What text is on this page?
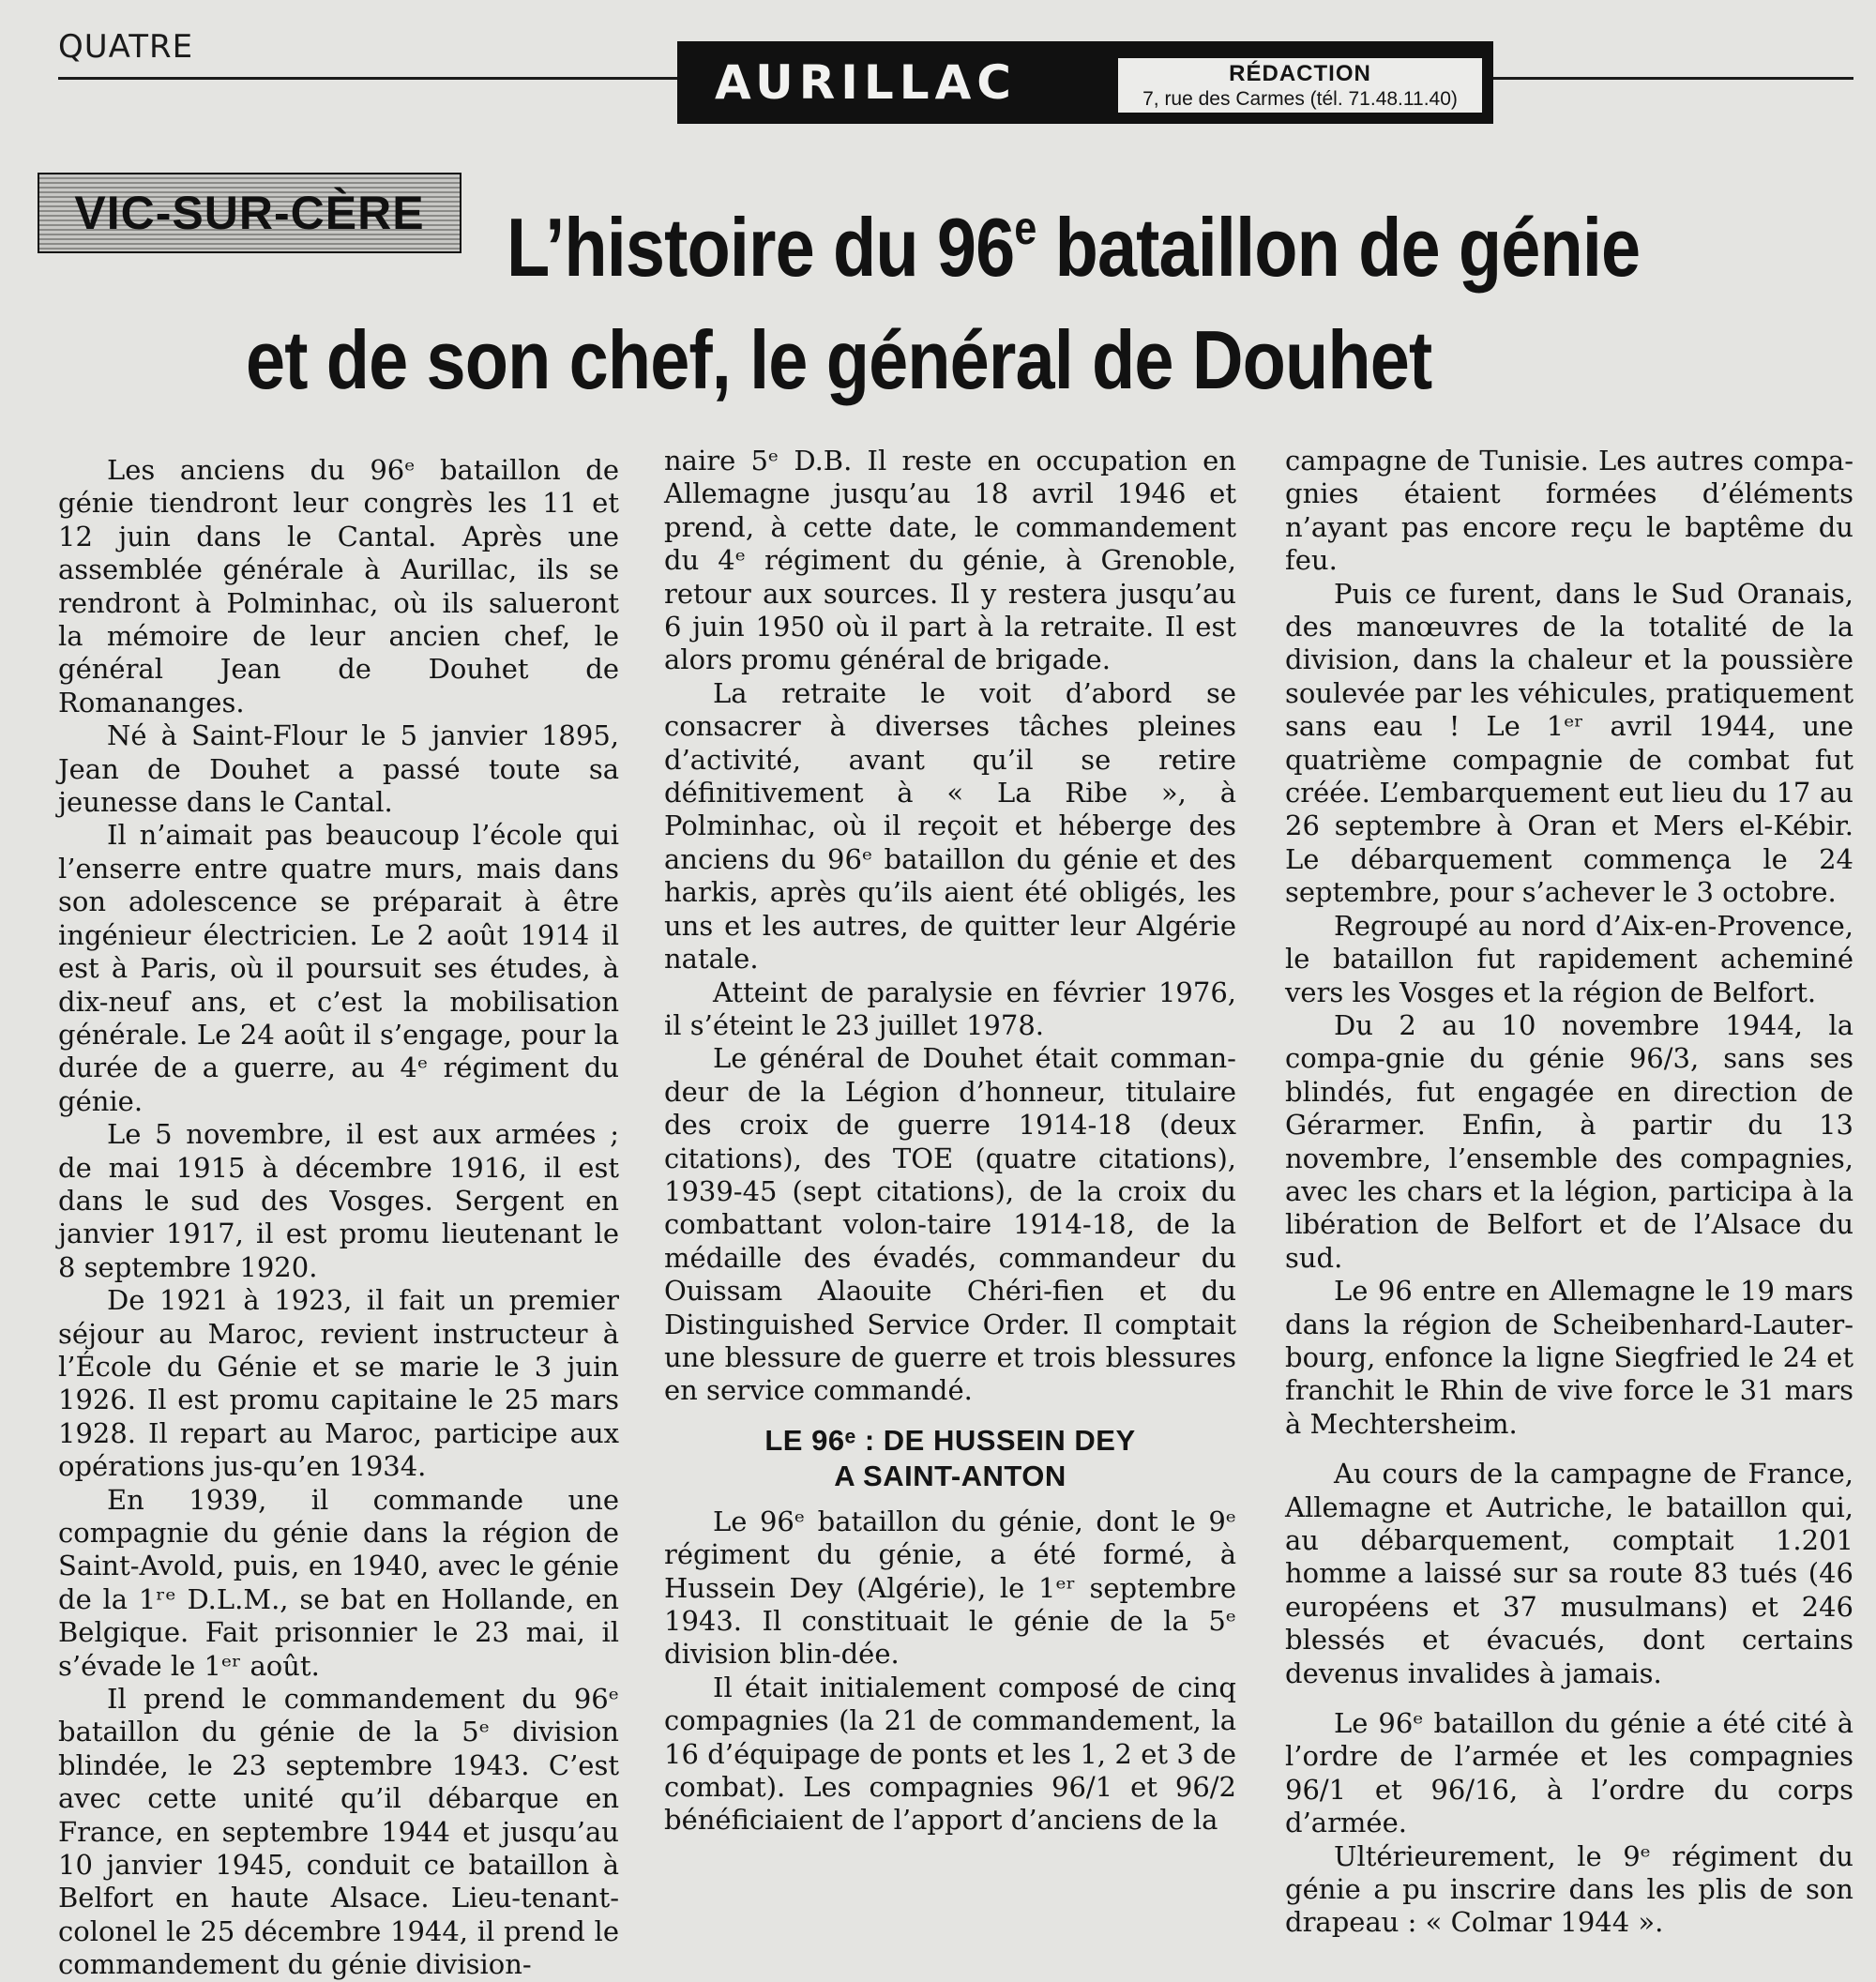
QUATRE
AURILLAC	RÉDACTION
7, rue des Carmes (tél. 71.48.11.40)
VIC-SUR-CÈRE L’histoire du 96e bataillon de génie
et de son chef, le général de Douhet

Les anciens du 96ᵉ bataillon de génie tiendront leur congrès les 11 et 12 juin dans le Cantal. Après une assemblée générale à Aurillac, ils se rendront à Polminhac, où ils salueront la mémoire de leur ancien chef, le général Jean de Douhet de Romananges.

Né à Saint-Flour le 5 janvier 1895, Jean de Douhet a passé toute sa jeunesse dans le Cantal.

Il n’aimait pas beaucoup l’école qui l’enserre entre quatre murs, mais dans son adolescence se préparait à être ingénieur électricien. Le 2 août 1914 il est à Paris, où il poursuit ses études, à dix-neuf ans, et c’est la mobilisation générale. Le 24 août il s’engage, pour la durée de a guerre, au 4ᵉ régiment du génie.

Le 5 novembre, il est aux armées ; de mai 1915 à décembre 1916, il est dans le sud des Vosges. Sergent en janvier 1917, il est promu lieutenant le 8 septembre 1920.

De 1921 à 1923, il fait un premier séjour au Maroc, revient instructeur à l’École du Génie et se marie le 3 juin 1926. Il est promu capitaine le 25 mars 1928. Il repart au Maroc, participe aux opérations jus-qu’en 1934.

En 1939, il commande une compagnie du génie dans la région de Saint-Avold, puis, en 1940, avec le génie de la 1ʳᵉ D.L.M., se bat en Hollande, en Belgique. Fait prisonnier le 23 mai, il s’évade le 1ᵉʳ août.

Il prend le commandement du 96ᵉ bataillon du génie de la 5ᵉ division blindée, le 23 septembre 1943. C’est avec cette unité qu’il débarque en France, en septembre 1944 et jusqu’au 10 janvier 1945, conduit ce bataillon à Belfort en haute Alsace. Lieu-tenant-colonel le 25 décembre 1944, il prend le commandement du génie division-

naire 5ᵉ D.B. Il reste en occupation en Allemagne jusqu’au 18 avril 1946 et prend, à cette date, le commandement du 4ᵉ régiment du génie, à Grenoble, retour aux sources. Il y restera jusqu’au 6 juin 1950 où il part à la retraite. Il est alors promu général de brigade.

La retraite le voit d’abord se consacrer à diverses tâches pleines d’activité, avant qu’il se retire définitivement à « La Ribe », à Polminhac, où il reçoit et héberge des anciens du 96ᵉ bataillon du génie et des harkis, après qu’ils aient été obligés, les uns et les autres, de quitter leur Algérie natale.

Atteint de paralysie en février 1976, il s’éteint le 23 juillet 1978.

Le général de Douhet était comman-deur de la Légion d’honneur, titulaire des croix de guerre 1914-18 (deux citations), des TOE (quatre citations), 1939-45 (sept citations), de la croix du combattant volon-taire 1914-18, de la médaille des évadés, commandeur du Ouissam Alaouite Chéri-fien et du Distinguished Service Order. Il comptait une blessure de guerre et trois blessures en service commandé.

LE 96ᵉ : DE HUSSEIN DEY
A SAINT-ANTON

Le 96ᵉ bataillon du génie, dont le 9ᵉ régiment du génie, a été formé, à Hussein Dey (Algérie), le 1ᵉʳ septembre 1943. Il constituait le génie de la 5ᵉ division blin-dée.

Il était initialement composé de cinq compagnies (la 21 de commandement, la 16 d’équipage de ponts et les 1, 2 et 3 de combat). Les compagnies 96/1 et 96/2 bénéficiaient de l’apport d’anciens de la

campagne de Tunisie. Les autres compa-gnies étaient formées d’éléments n’ayant pas encore reçu le baptême du feu.

Puis ce furent, dans le Sud Oranais, des manœuvres de la totalité de la division, dans la chaleur et la poussière soulevée par les véhicules, pratiquement sans eau ! Le 1ᵉʳ avril 1944, une quatrième compagnie de combat fut créée. L’embarquement eut lieu du 17 au 26 septembre à Oran et Mers el-Kébir. Le débarquement commença le 24 septembre, pour s’achever le 3 octobre.

Regroupé au nord d’Aix-en-Provence, le bataillon fut rapidement acheminé vers les Vosges et la région de Belfort.

Du 2 au 10 novembre 1944, la compa-gnie du génie 96/3, sans ses blindés, fut engagée en direction de Gérarmer. Enfin, à partir du 13 novembre, l’ensemble des compagnies, avec les chars et la légion, participa à la libération de Belfort et de l’Alsace du sud.

Le 96 entre en Allemagne le 19 mars dans la région de Scheibenhard-Lauter-bourg, enfonce la ligne Siegfried le 24 et franchit le Rhin de vive force le 31 mars à Mechtersheim.

Au cours de la campagne de France, Allemagne et Autriche, le bataillon qui, au débarquement, comptait 1.201 homme a laissé sur sa route 83 tués (46 européens et 37 musulmans) et 246 blessés et évacués, dont certains devenus invalides à jamais.

Le 96ᵉ bataillon du génie a été cité à l’ordre de l’armée et les compagnies 96/1 et 96/16, à l’ordre du corps d’armée.

Ultérieurement, le 9ᵉ régiment du génie a pu inscrire dans les plis de son drapeau : « Colmar 1944 ».
